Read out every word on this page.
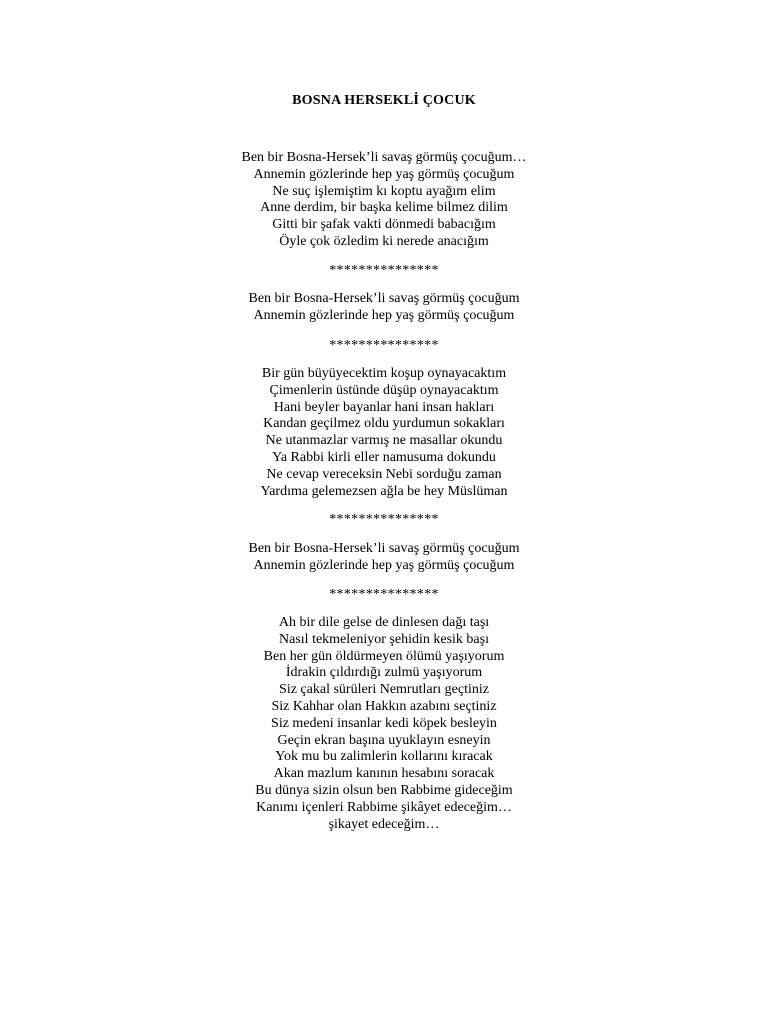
BOSNA HERSEKLİ ÇOCUK
Ben bir Bosna-Hersek’li savaş görmüş çocuğum…
Annemin gözlerinde hep yaş görmüş çocuğum
Ne suç işlemiştim kı koptu ayağım elim
Anne derdim, bir başka kelime bilmez dilim
Gitti bir şafak vakti dönmedi babacığım
Öyle çok özledim ki nerede anacığım
***************
Ben bir Bosna-Hersek’li savaş görmüş çocuğum
Annemin gözlerinde hep yaş görmüş çocuğum
***************
Bir gün büyüyecektim koşup oynayacaktım
Çimenlerin üstünde düşüp oynayacaktım
Hani beyler bayanlar hani insan hakları
Kandan geçilmez oldu yurdumun sokakları
Ne utanmazlar varmış ne masallar okundu
Ya Rabbi kirli eller namusuma dokundu
Ne cevap vereceksin Nebi sorduğu zaman
Yardıma gelemezsen ağla be hey Müslüman
***************
Ben bir Bosna-Hersek’li savaş görmüş çocuğum
Annemin gözlerinde hep yaş görmüş çocuğum
***************
Ah bir dile gelse de dinlesen dağı taşı
Nasıl tekmeleniyor şehidin kesik başı
Ben her gün öldürmeyen ölümü yaşıyorum
İdrakin çıldırdığı zulmü yaşıyorum
Siz çakal sürüleri Nemrutları geçtiniz
Siz Kahhar olan Hakkın azabını seçtiniz
Siz medeni insanlar kedi köpek besleyin
Geçin ekran başına uyuklayın esneyin
Yok mu bu zalimlerin kollarını kıracak
Akan mazlum kanının hesabını soracak
Bu dünya sizin olsun ben Rabbime gideceğim
Kanımı içenleri Rabbime şikâyet edeceğim…
şikayet edeceğim…
